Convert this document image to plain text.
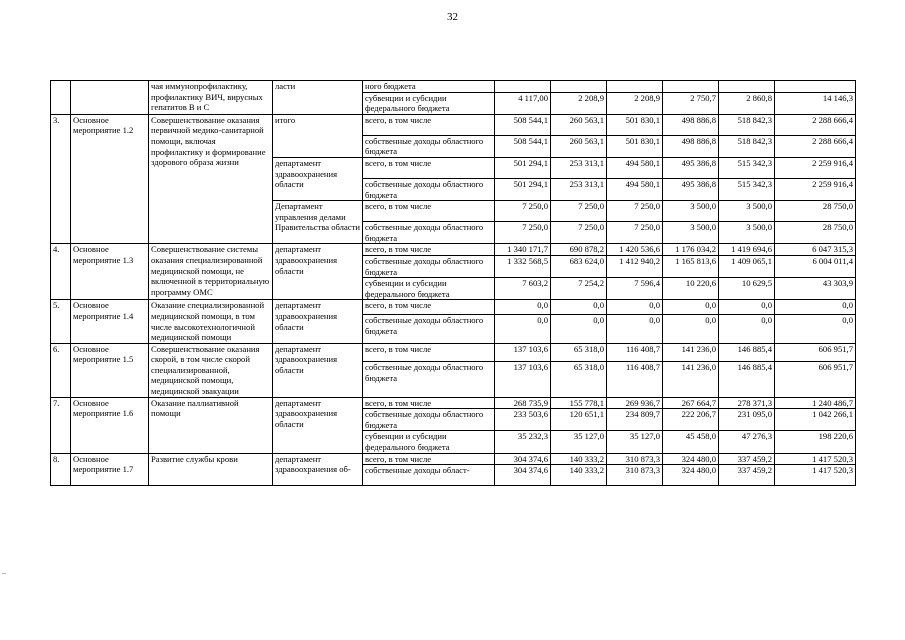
32
		чая иммунопрофилактику, профилактику ВИЧ, вирусных гепатитов В и С	ласти	ного бюджета							
				субвенции и субсидии федерального бюджета	4 117,00	2 208,9	2 208,9	2 750,7	2 860,8		14 146,3
3.	Основное мероприятие 1.2	Совершенствование оказания первичной медико-санитарной помощи, включая профилактику и формирование здорового образа жизни	итого	всего, в том числе	508 544,1	260 563,1	501 830,1	498 886,8	518 842,3		2 288 666,4
				собственные доходы областного бюджета	508 544,1	260 563,1	501 830,1	498 886,8	518 842,3		2 288 666,4
			департамент здравоохранения области	всего, в том числе	501 294,1	253 313,1	494 580,1	495 386,8	515 342,3		2 259 916,4
				собственные доходы областного бюджета	501 294,1	253 313,1	494 580,1	495 386,8	515 342,3		2 259 916,4
			Департамент управления делами Правительства области	всего, в том числе	7 250,0	7 250,0	7 250,0	3 500,0	3 500,0		28 750,0
				собственные доходы областного бюджета	7 250,0	7 250,0	7 250,0	3 500,0	3 500,0		28 750,0
4.	Основное мероприятие 1.3	Совершенствование системы оказания специализированной медицинской помощи, не включенной в территориальную программу ОМС	департамент здравоохранения области	всего, в том числе	1 340 171,7	690 878,2	1 420 536,6	1 176 034,2	1 419 694,6		6 047 315,3
				собственные доходы областного бюджета	1 332 568,5	683 624,0	1 412 940,2	1 165 813,6	1 409 065,1		6 004 011,4
				субвенции и субсидии федерального бюджета	7 603,2	7 254,2	7 596,4	10 220,6	10 629,5		43 303,9
5.	Основное мероприятие 1.4	Оказание специализированной медицинской помощи, в том числе высокотехнологичной медицинской помощи	департамент здравоохранения области	всего, в том числе	0,0	0,0	0,0	0,0	0,0		0,0
				собственные доходы областного бюджета	0,0	0,0	0,0	0,0	0,0		0,0
6.	Основное мероприятие 1.5	Совершенствование оказания скорой, в том числе скорой специализированной, медицинской помощи, медицинской эвакуации	департамент здравоохранения области	всего, в том числе	137 103,6	65 318,0	116 408,7	141 236,0	146 885,4		606 951,7
				собственные доходы областного бюджета	137 103,6	65 318,0	116 408,7	141 236,0	146 885,4		606 951,7
7.	Основное мероприятие 1.6	Оказание паллиативной помощи	департамент здравоохранения области	всего, в том числе	268 735,9	155 778,1	269 936,7	267 664,7	278 371,3		1 240 486,7
				собственные доходы областного бюджета	233 503,6	120 651,1	234 809,7	222 206,7	231 095,0		1 042 266,1
				субвенции и субсидии федерального бюджета	35 232,3	35 127,0	35 127,0	45 458,0	47 276,3		198 220,6
8.	Основное мероприятие 1.7	Развитие службы крови	департамент здравоохранения об-	всего, в том числе	304 374,6	140 333,2	310 873,3	324 480,0	337 459,2		1 417 520,3
				собственные доходы област-	304 374,6	140 333,2	310 873,3	324 480,0	337 459,2		1 417 520,3
–
